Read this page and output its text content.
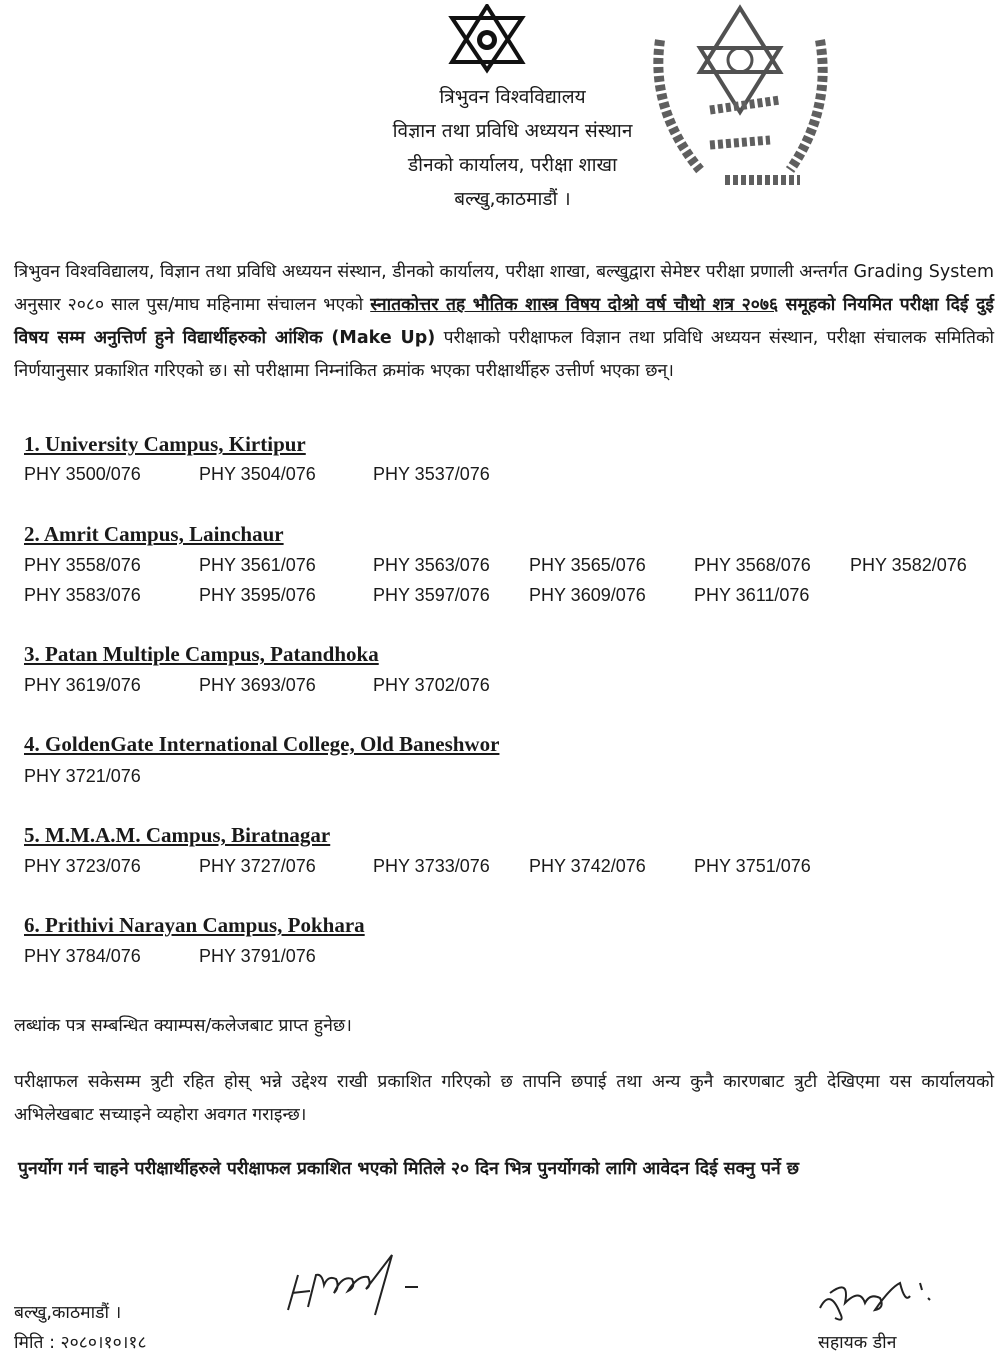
त्रिभुवन विश्वविद्यालय
विज्ञान तथा प्रविधि अध्ययन संस्थान
डीनको कार्यालय, परीक्षा शाखा
बल्खु,काठमाडौं ।
त्रिभुवन विश्वविद्यालय, विज्ञान तथा प्रविधि अध्ययन संस्थान, डीनको कार्यालय, परीक्षा शाखा, बल्खुद्वारा सेमेष्टर परीक्षा प्रणाली अन्तर्गत Grading System अनुसार २०८० साल पुस/माघ महिनामा संचालन भएको स्नातकोत्तर तह भौतिक शास्त्र विषय दोश्रो वर्ष चौथो शत्र २०७६ समूहको नियमित परीक्षा दिई दुई विषय सम्म अनुत्तिर्ण हुने विद्यार्थीहरुको आंशिक (Make Up) परीक्षाको परीक्षाफल विज्ञान तथा प्रविधि अध्ययन संस्थान, परीक्षा संचालक समितिको निर्णयानुसार प्रकाशित गरिएको छ। सो परीक्षामा निम्नांकित क्रमांक भएका परीक्षार्थीहरु उत्तीर्ण भएका छन्।
1. University Campus, Kirtipur
PHY 3500/076	PHY 3504/076	PHY 3537/076
2. Amrit Campus, Lainchaur
PHY 3558/076	PHY 3561/076	PHY 3563/076 PHY 3565/076	PHY 3568/076 PHY 3582/076
PHY 3583/076	PHY 3595/076	PHY 3597/076 PHY 3609/076	PHY 3611/076
3. Patan Multiple Campus, Patandhoka
PHY 3619/076	PHY 3693/076	PHY 3702/076
4. GoldenGate International College, Old Baneshwor
PHY 3721/076
5. M.M.A.M. Campus, Biratnagar
PHY 3723/076	PHY 3727/076	PHY 3733/076 PHY 3742/076	PHY 3751/076
6. Prithivi Narayan Campus, Pokhara
PHY 3784/076	PHY 3791/076
लब्धांक पत्र सम्बन्धित क्याम्पस/कलेजबाट प्राप्त हुनेछ।
परीक्षाफल सकेसम्म त्रुटी रहित होस् भन्ने उद्देश्य राखी प्रकाशित गरिएको छ तापनि छपाई तथा अन्य कुनै कारणबाट त्रुटी देखिएमा यस कार्यालयको अभिलेखबाट सच्याइने व्यहोरा अवगत गराइन्छ।
पुनर्योग गर्न चाहने परीक्षार्थीहरुले परीक्षाफल प्रकाशित भएको मितिले २० दिन भित्र पुनर्योगको लागि आवेदन दिई सक्नु पर्ने छ
बल्खु,काठमाडौं ।
मिति : २०८०।१०।१८	सहायक डीन
